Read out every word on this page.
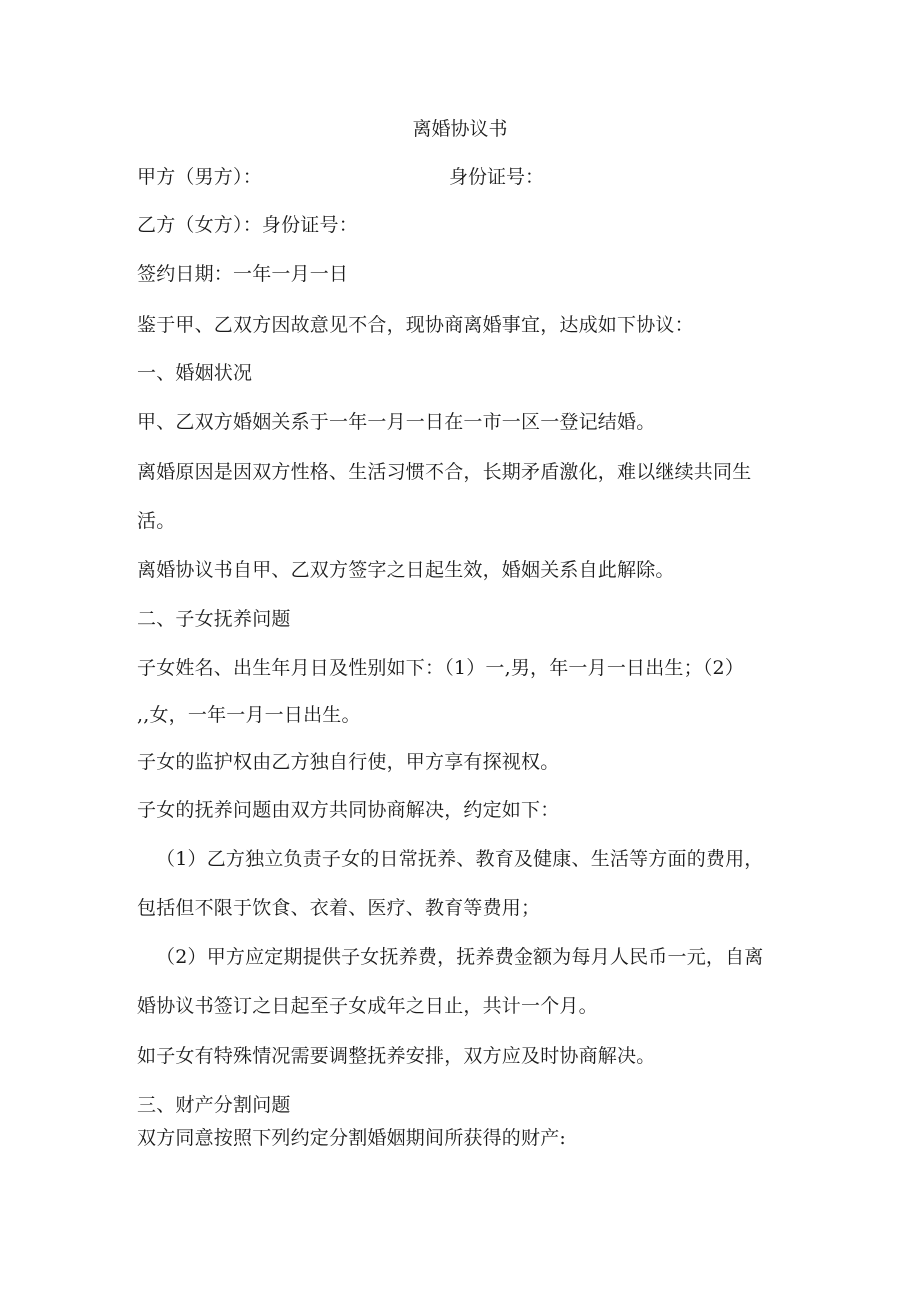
离婚协议书
甲方（男方）：	身份证号：
乙方（女方）：身份证号：
签约日期：一年一月一日
鉴于甲、乙双方因故意见不合，现协商离婚事宜，达成如下协议：
一、婚姻状况
甲、乙双方婚姻关系于一年一月一日在一市一区一登记结婚。
离婚原因是因双方性格、生活习惯不合，长期矛盾激化，难以继续共同生
活。
离婚协议书自甲、乙双方签字之日起生效，婚姻关系自此解除。
二、子女抚养问题
子女姓名、出生年月日及性别如下：（1）一,男，年一月一日出生；（2）
,,女，一年一月一日出生。
子女的监护权由乙方独自行使，甲方享有探视权。
子女的抚养问题由双方共同协商解决，约定如下：
（1）乙方独立负责子女的日常抚养、教育及健康、生活等方面的费用，
包括但不限于饮食、衣着、医疗、教育等费用；
（2）甲方应定期提供子女抚养费，抚养费金额为每月人民币一元，自离
婚协议书签订之日起至子女成年之日止，共计一个月。
如子女有特殊情况需要调整抚养安排，双方应及时协商解决。
三、财产分割问题
双方同意按照下列约定分割婚姻期间所获得的财产:
